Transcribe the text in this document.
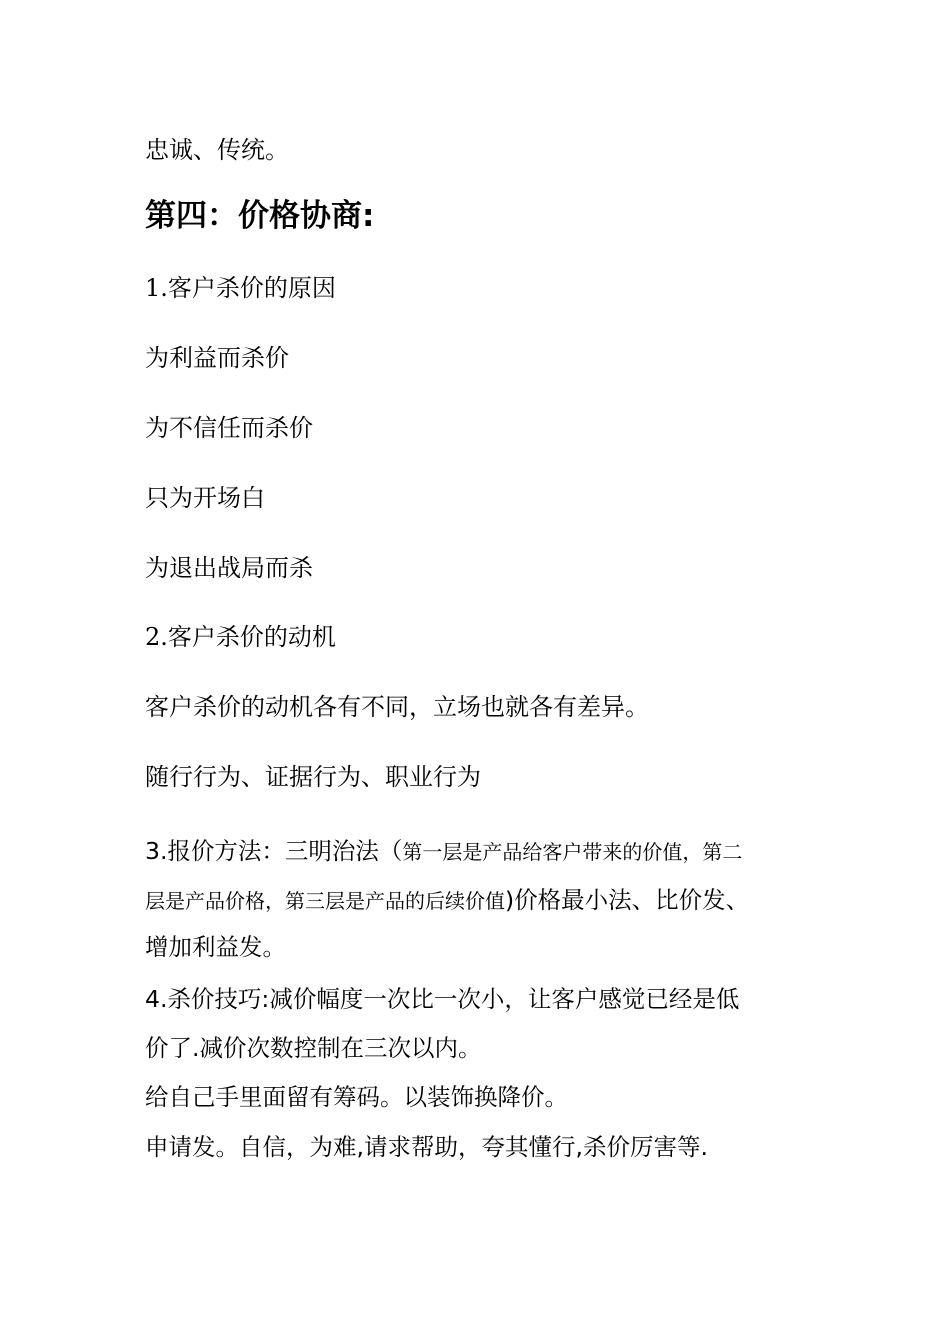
忠诚、传统。
第四：价格协商:
1.客户杀价的原因
为利益而杀价
为不信任而杀价
只为开场白
为退出战局而杀
2.客户杀价的动机
客户杀价的动机各有不同，立场也就各有差异。
随行行为、证据行为、职业行为
3.报价方法：三明治法（第一层是产品给客户带来的价值，第二
层是产品价格，第三层是产品的后续价值)价格最小法、比价发、
增加利益发。
4.杀价技巧:减价幅度一次比一次小，让客户感觉已经是低
价了.减价次数控制在三次以内。
给自己手里面留有筹码。以装饰换降价。
申请发。自信，为难,请求帮助，夸其懂行,杀价厉害等.
